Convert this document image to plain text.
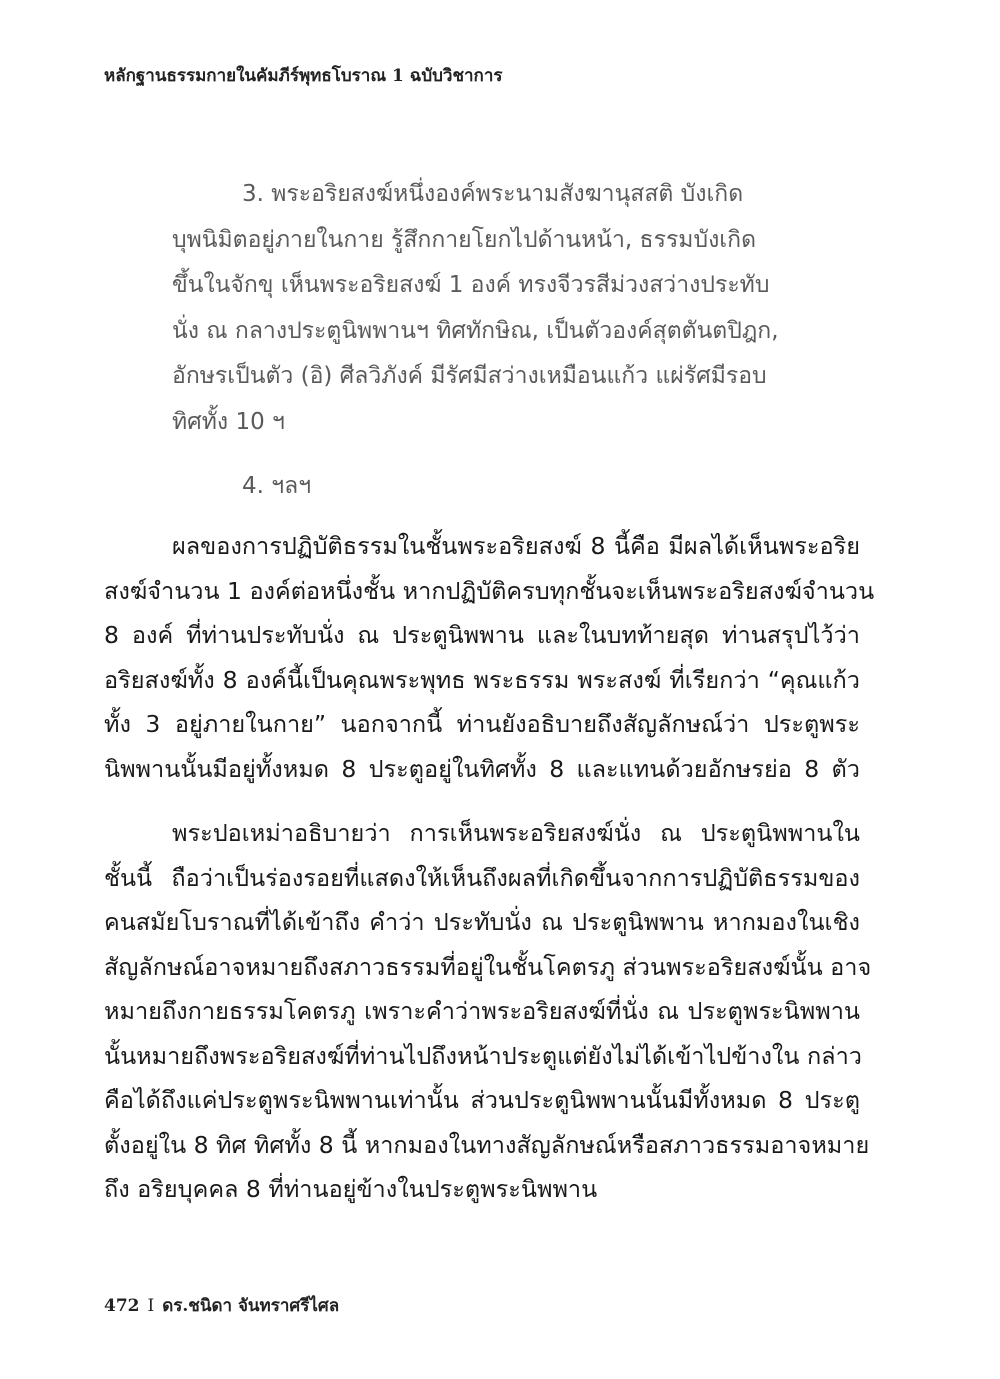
หลักฐานธรรมกายในคัมภีร์พุทธโบราณ 1 ฉบับวิชาการ
3. พระอริยสงฆ์หนึ่งองค์พระนามสังฆานุสสติ บังเกิด
บุพนิมิตอยู่ภายในกาย รู้สึกกายโยกไปด้านหน้า, ธรรมบังเกิด
ขึ้นในจักขุ เห็นพระอริยสงฆ์ 1 องค์ ทรงจีวรสีม่วงสว่างประทับ
นั่ง ณ กลางประตูนิพพานฯ ทิศทักษิณ, เป็นตัวองค์สุตตันตปิฎก,
อักษรเป็นตัว (อิ) ศีลวิภังค์ มีรัศมีสว่างเหมือนแก้ว แผ่รัศมีรอบ
ทิศทั้ง 10 ฯ
4. ฯลฯ
ผลของการปฏิบัติธรรมในชั้นพระอริยสงฆ์ 8 นี้คือ มีผลได้เห็นพระอริย
สงฆ์จำนวน 1 องค์ต่อหนึ่งชั้น หากปฏิบัติครบทุกชั้นจะเห็นพระอริยสงฆ์จำนวน
8 องค์ ที่ท่านประทับนั่ง ณ ประตูนิพพาน และในบทท้ายสุด ท่านสรุปไว้ว่า
อริยสงฆ์ทั้ง 8 องค์นี้เป็นคุณพระพุทธ พระธรรม พระสงฆ์ ที่เรียกว่า “คุณแก้ว
ทั้ง 3 อยู่ภายในกาย” นอกจากนี้ ท่านยังอธิบายถึงสัญลักษณ์ว่า ประตูพระ
นิพพานนั้นมีอยู่ทั้งหมด 8 ประตูอยู่ในทิศทั้ง 8 และแทนด้วยอักษรย่อ 8 ตัว
พระปอเหม่าอธิบายว่า การเห็นพระอริยสงฆ์นั่ง ณ ประตูนิพพานใน
ชั้นนี้ ถือว่าเป็นร่องรอยที่แสดงให้เห็นถึงผลที่เกิดขึ้นจากการปฏิบัติธรรมของ
คนสมัยโบราณที่ได้เข้าถึง คำว่า ประทับนั่ง ณ ประตูนิพพาน หากมองในเชิง
สัญลักษณ์อาจหมายถึงสภาวธรรมที่อยู่ในชั้นโคตรภู ส่วนพระอริยสงฆ์นั้น อาจ
หมายถึงกายธรรมโคตรภู เพราะคำว่าพระอริยสงฆ์ที่นั่ง ณ ประตูพระนิพพาน
นั้นหมายถึงพระอริยสงฆ์ที่ท่านไปถึงหน้าประตูแต่ยังไม่ได้เข้าไปข้างใน กล่าว
คือได้ถึงแค่ประตูพระนิพพานเท่านั้น ส่วนประตูนิพพานนั้นมีทั้งหมด 8 ประตู
ตั้งอยู่ใน 8 ทิศ ทิศทั้ง 8 นี้ หากมองในทางสัญลักษณ์หรือสภาวธรรมอาจหมาย
ถึง อริยบุคคล 8 ที่ท่านอยู่ข้างในประตูพระนิพพาน
472 I ดร.ชนิดา จันทราศรีไศล
